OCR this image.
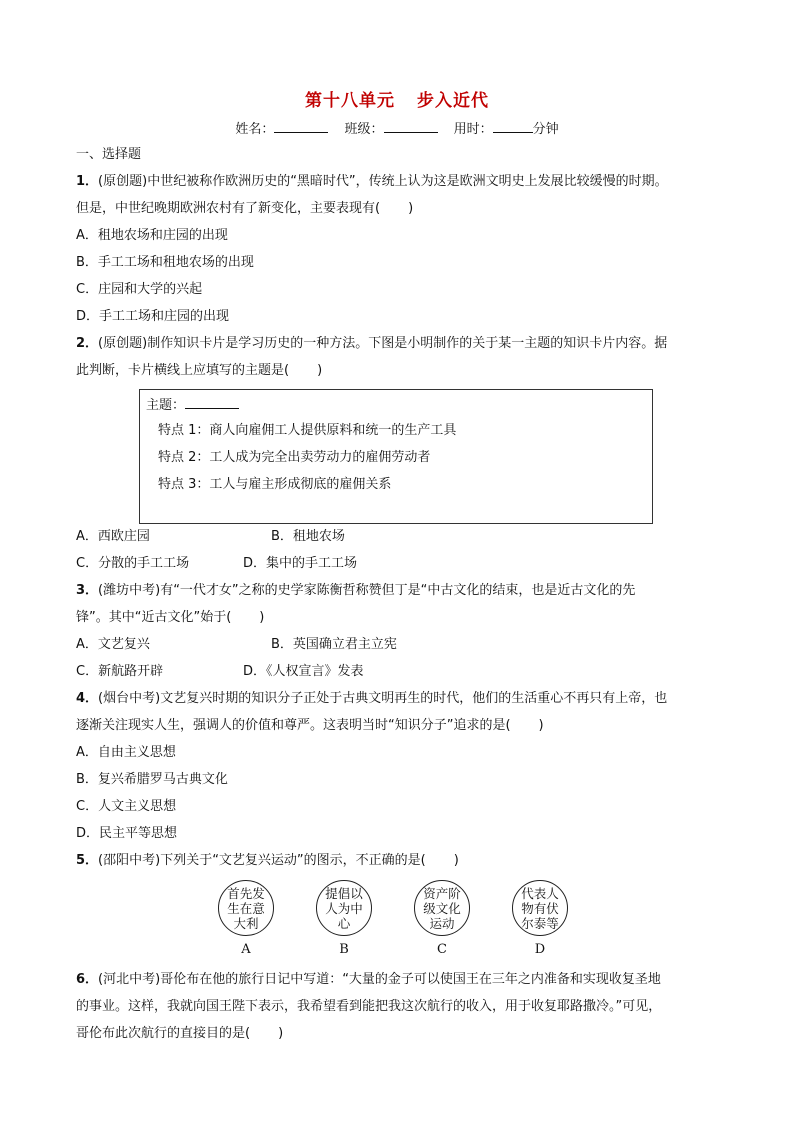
第十八单元 步入近代
姓名：	班级：	用时：	分钟
一、选择题
1．(原创题)中世纪被称作欧洲历史的“黑暗时代”，传统上认为这是欧洲文明史上发展比较缓慢的时期。
但是，中世纪晚期欧洲农村有了新变化，主要表现有( )
A．租地农场和庄园的出现
B．手工工场和租地农场的出现
C．庄园和大学的兴起
D．手工工场和庄园的出现
2．(原创题)制作知识卡片是学习历史的一种方法。下图是小明制作的关于某一主题的知识卡片内容。据
此判断，卡片横线上应填写的主题是( )
主题：
特点 1：商人向雇佣工人提供原料和统一的生产工具
特点 2：工人成为完全出卖劳动力的雇佣劳动者
特点 3：工人与雇主形成彻底的雇佣关系
A．西欧庄园	B．租地农场
C．分散的手工工场	D．集中的手工工场
3．(潍坊中考)有“一代才女”之称的史学家陈衡哲称赞但丁是“中古文化的结束，也是近古文化的先
锋”。其中“近古文化”始于( )
A．文艺复兴	B．英国确立君主立宪
C．新航路开辟	D．《人权宣言》发表
4．(烟台中考)文艺复兴时期的知识分子正处于古典文明再生的时代，他们的生活重心不再只有上帝，也
逐渐关注现实人生，强调人的价值和尊严。这表明当时“知识分子”追求的是( )
A．自由主义思想
B．复兴希腊罗马古典文化
C．人文主义思想
D．民主平等思想
5．(邵阳中考)下列关于“文艺复兴运动”的图示，不正确的是( )
首先发
生在意
大利
提倡以
人为中
心
资产阶
级文化
运动
代表人
物有伏
尔泰等
A	B	C	D
6．(河北中考)哥伦布在他的旅行日记中写道：“大量的金子可以使国王在三年之内准备和实现收复圣地
的事业。这样，我就向国王陛下表示，我希望看到能把我这次航行的收入，用于收复耶路撒冷。”可见，
哥伦布此次航行的直接目的是( )
